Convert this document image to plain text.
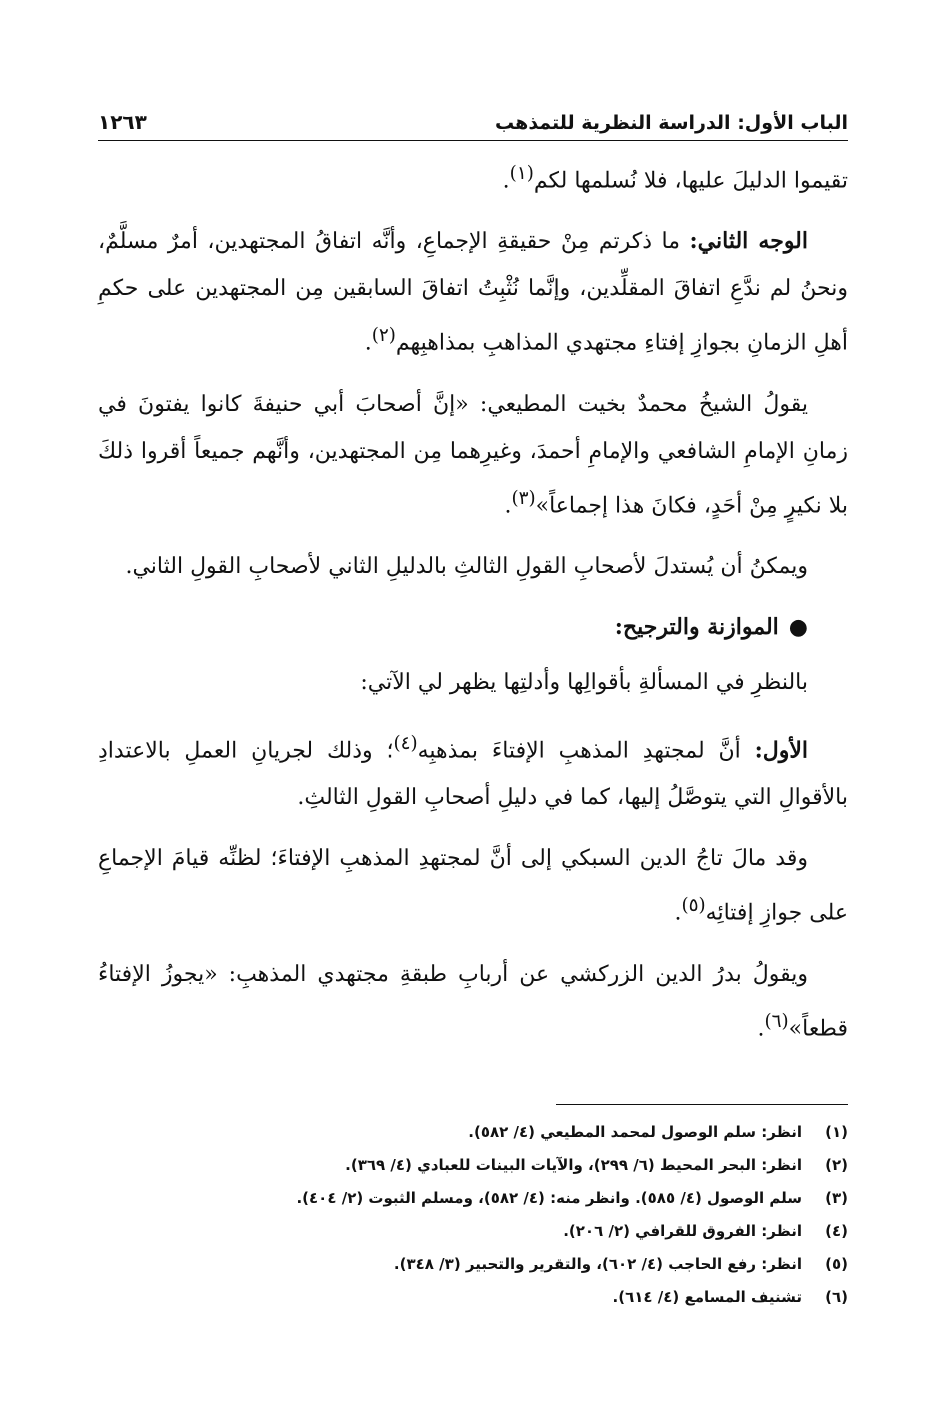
الباب الأول: الدراسة النظرية للتمذهب
١٢٦٣

تقيموا الدليلَ عليها، فلا نُسلمها لكم$^{(١)}$.

الوجه الثاني: ما ذكرتم مِنْ حقيقةِ الإجماعِ، وأنَّه اتفاقُ المجتهدين، أمرٌ مسلَّمٌ، ونحنُ لم ندَّعِ اتفاقَ المقلِّدين، وإنَّما نُثْبِتُ اتفاقَ السابقين مِن المجتهدين على حكمِ أهلِ الزمانِ بجوازِ إفتاءِ مجتهدي المذاهبِ بمذاهبِهم$^{(٢)}$.

يقولُ الشيخُ محمدٌ بخيت المطيعي: «إنَّ أصحابَ أبي حنيفةَ كانوا يفتونَ في زمانِ الإمامِ الشافعي والإمامِ أحمدَ، وغيرِهما مِن المجتهدين، وأنَّهم جميعاً أقروا ذلكَ بلا نكيرٍ مِنْ أحَدٍ، فكانَ هذا إجماعاً»$^{(٣)}$.

ويمكنُ أن يُستدلَ لأصحابِ القولِ الثالثِ بالدليلِ الثاني لأصحابِ القولِ الثاني.

●الموازنة والترجيح:

بالنظرِ في المسألةِ بأقوالِها وأدلتِها يظهر لي الآتي:

الأول: أنَّ لمجتهدِ المذهبِ الإفتاءَ بمذهبِه$^{(٤)}$؛ وذلك لجريانِ العملِ بالاعتدادِ بالأقوالِ التي يتوصَّلُ إليها، كما في دليلِ أصحابِ القولِ الثالثِ.

وقد مالَ تاجُ الدين السبكي إلى أنَّ لمجتهدِ المذهبِ الإفتاءَ؛ لظنِّه قيامَ الإجماعِ على جوازِ إفتائِه$^{(٥)}$.

ويقولُ بدرُ الدين الزركشي عن أربابِ طبقةِ مجتهدي المذهبِ: «يجوزُ الإفتاءُ قطعاً»$^{(٦)}$.

(١)
انظر: سلم الوصول لمحمد المطيعي (٤/ ٥٨٢).
(٢)
انظر: البحر المحيط (٦/ ٢٩٩)، والآيات البينات للعبادي (٤/ ٣٦٩).
(٣)
سلم الوصول (٤/ ٥٨٥). وانظر منه: (٤/ ٥٨٢)، ومسلم الثبوت (٢/ ٤٠٤).
(٤)
انظر: الفروق للقرافي (٢/ ٢٠٦).
(٥)
انظر: رفع الحاجب (٤/ ٦٠٢)، والتقرير والتحبير (٣/ ٣٤٨).
(٦)
تشنيف المسامع (٤/ ٦١٤).
